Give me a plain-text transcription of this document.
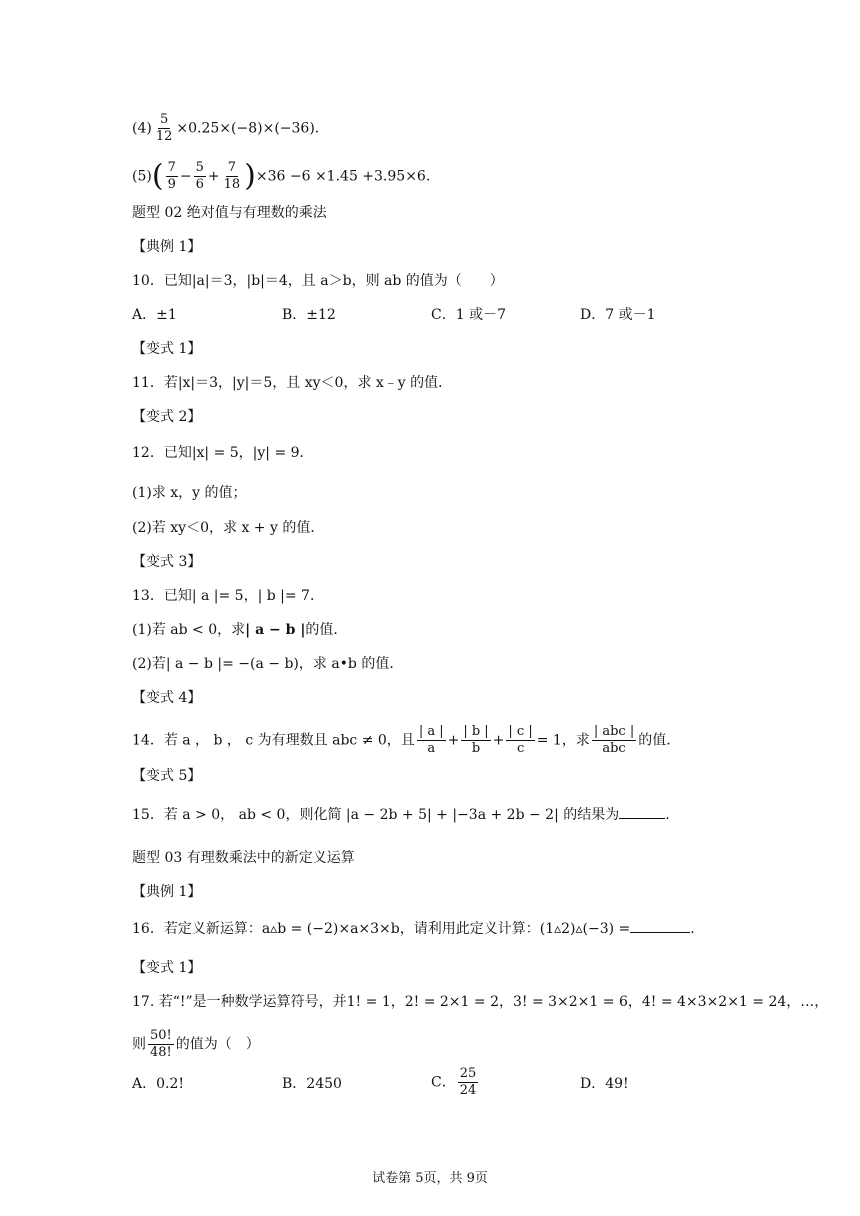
$(4) \frac{5}{12} \times 0.25\times(-8)\times(-36)$.
$(5)( \frac{7}{9} - \frac{5}{6} + \frac{7}{18} )\times 36 -6 \times 1.45 +3.95\times 6$.
题型 02 绝对值与有理数的乘法
【典例 1】
10．已知|a|＝3，|b|＝4，且 a＞b，则 ab 的值为（　　）
A．±1	B．±12	C．1 或－7	D．7 或－1
【变式 1】
11．若|x|＝3，|y|＝5，且 xy＜0，求 x﹣y 的值．
【变式 2】
12．已知|x| = 5，|y| = 9．
(1)求 x，y 的值；
(2)若 xy＜0，求 x + y 的值．
【变式 3】
13．已知| a |= 5，| b |= 7．
(1)若 ab < 0，求| a − b |的值．
(2)若| a − b |= −(a − b)，求 a•b 的值．
【变式 4】
14．若 a ， b ， c 为有理数且 abc ≠ 0，且 $\frac{| a |}{a} + \frac{| b |}{b} + \frac{| c |}{c} = 1$，求 $\frac{\text{| abc |}}{\text{abc}}$ 的值．
【变式 5】
15．若 a > 0， ab < 0，则化简 |a − 2b + 5| + |−3a + 2b − 2| 的结果为	.
题型 03 有理数乘法中的新定义运算
【典例 1】
16．若定义新运算：a▵b = (−2)×a×3×b，请利用此定义计算：(1▵2)▵(−3) =	.
【变式 1】
17. 若“!”是一种数学运算符号，并1! = 1，2! = 2×1 = 2，3! = 3×2×1 = 6，4! = 4×3×2×1 = 24，…，
则 $\frac{50!}{48!}$ 的值为（　）
A．0.2!	B．2450	C． $\frac{25}{24}$	D．49!
试卷第 5页，共 9页
